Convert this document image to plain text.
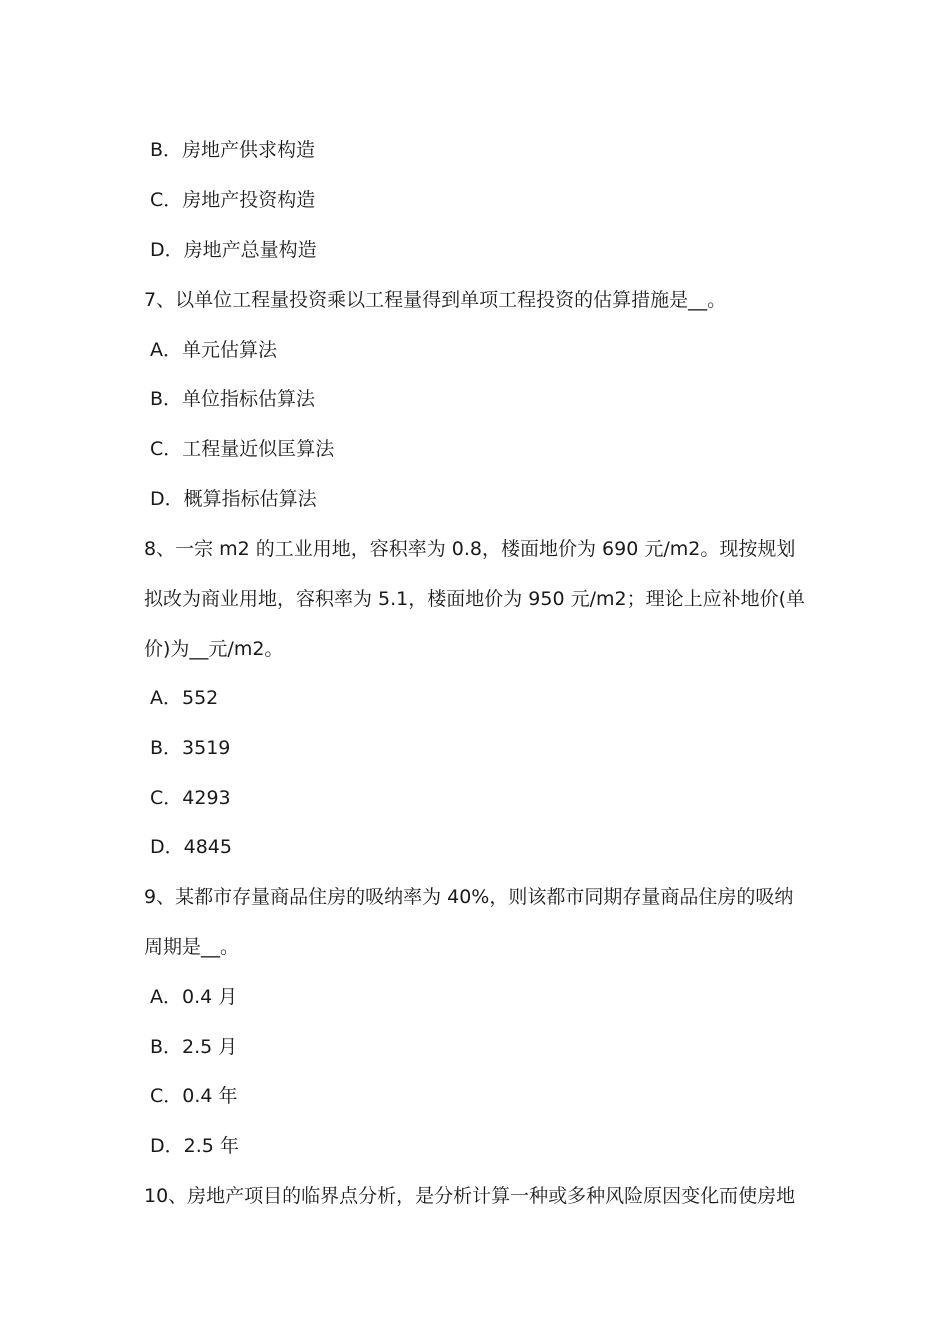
B．房地产供求构造
C．房地产投资构造
D．房地产总量构造
7、以单位工程量投资乘以工程量得到单项工程投资的估算措施是__。
A．单元估算法
B．单位指标估算法
C．工程量近似匡算法
D．概算指标估算法
8、一宗 m2 的工业用地，容积率为 0.8，楼面地价为 690 元/m2。现按规划
拟改为商业用地，容积率为 5.1，楼面地价为 950 元/m2；理论上应补地价(单
价)为__元/m2。
A．552
B．3519
C．4293
D．4845
9、某都市存量商品住房的吸纳率为 40%，则该都市同期存量商品住房的吸纳
周期是__。
A．0.4 月
B．2.5 月
C．0.4 年
D．2.5 年
10、房地产项目的临界点分析，是分析计算一种或多种风险原因变化而使房地
